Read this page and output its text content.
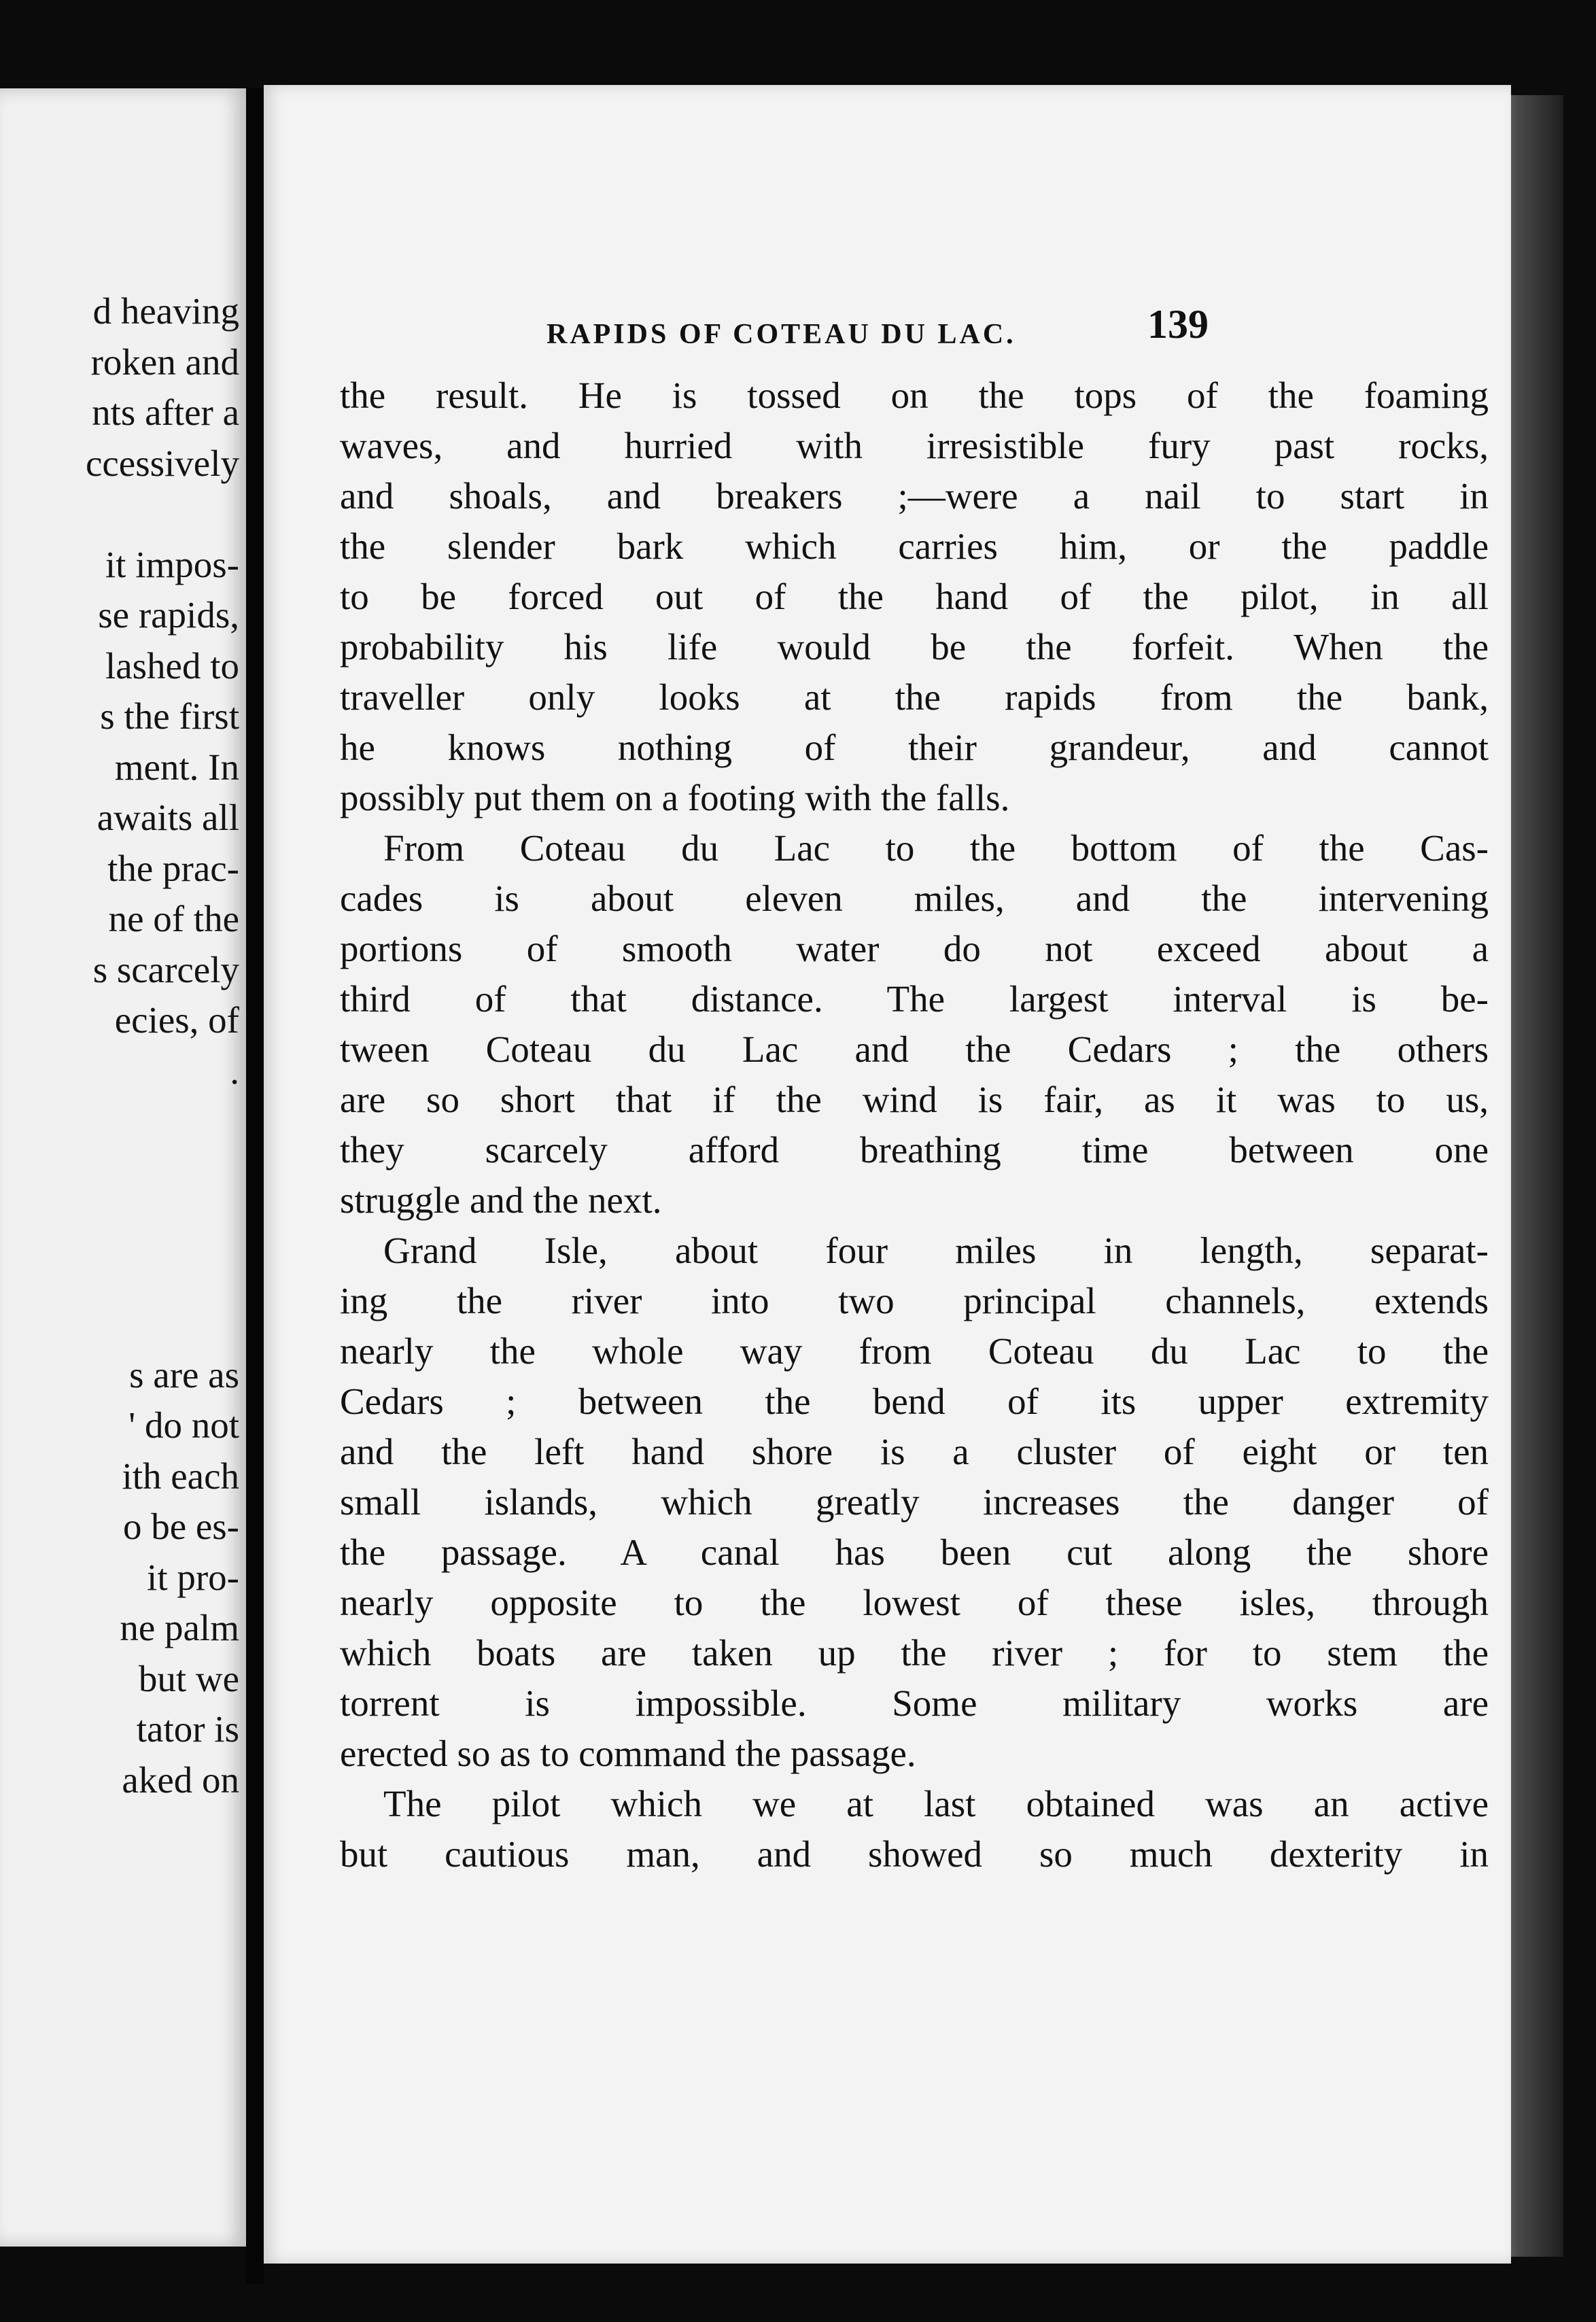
d heaving
roken and
nts after a
ccessively
it impos-
se rapids,
lashed to
s the first
ment. In
awaits all
the prac-
ne of the
s scarcely
ecies, of
.
s are as
' do not
ith each
o be es-
it pro-
ne palm
but we
tator is
aked on
RAPIDS OF COTEAU DU LAC.	139
the result. He is tossed on the tops of the foaming
waves, and hurried with irresistible fury past rocks,
and shoals, and breakers ;—were a nail to start in
the slender bark which carries him, or the paddle
to be forced out of the hand of the pilot, in all
probability his life would be the forfeit. When the
traveller only looks at the rapids from the bank,
he knows nothing of their grandeur, and cannot
possibly put them on a footing with the falls.
From Coteau du Lac to the bottom of the Cas-
cades is about eleven miles, and the intervening
portions of smooth water do not exceed about a
third of that distance. The largest interval is be-
tween Coteau du Lac and the Cedars ; the others
are so short that if the wind is fair, as it was to us,
they scarcely afford breathing time between one
struggle and the next.
Grand Isle, about four miles in length, separat-
ing the river into two principal channels, extends
nearly the whole way from Coteau du Lac to the
Cedars ; between the bend of its upper extremity
and the left hand shore is a cluster of eight or ten
small islands, which greatly increases the danger of
the passage. A canal has been cut along the shore
nearly opposite to the lowest of these isles, through
which boats are taken up the river ; for to stem the
torrent is impossible. Some military works are
erected so as to command the passage.
The pilot which we at last obtained was an active
but cautious man, and showed so much dexterity in
